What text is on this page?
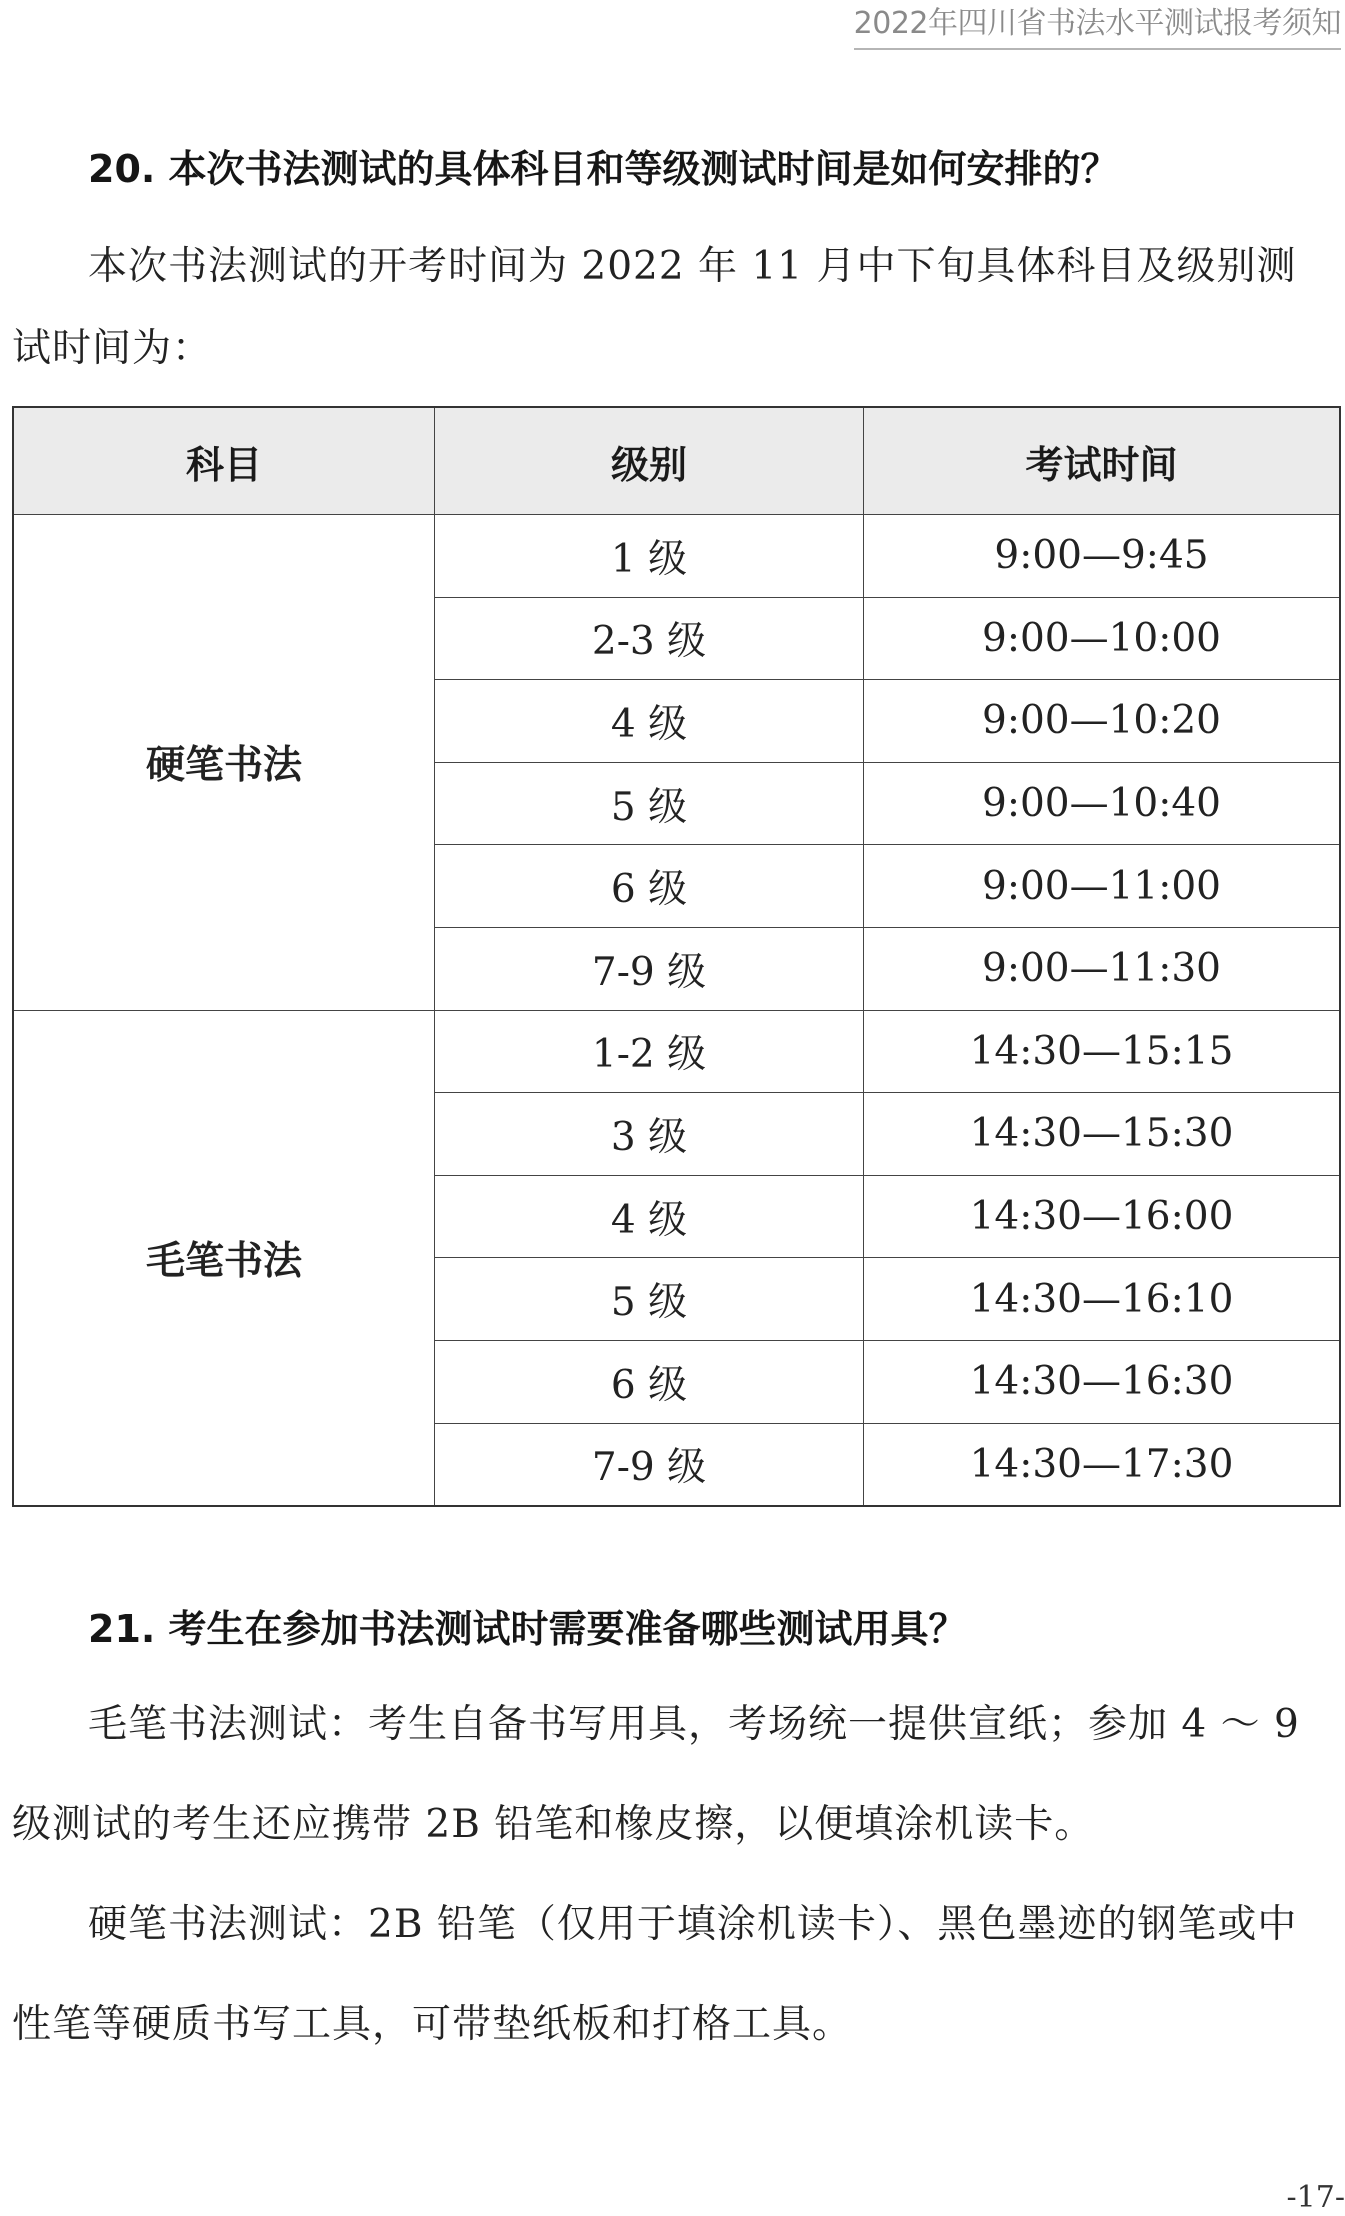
2022年四川省书法水平测试报考须知
20. 本次书法测试的具体科目和等级测试时间是如何安排的？
本次书法测试的开考时间为 2022 年 11 月中下旬具体科目及级别测试时间为：
科目	级别	考试时间
硬笔书法	1 级	9:00—9:45
	2-3 级	9:00—10:00
	4 级	9:00—10:20
	5 级	9:00—10:40
	6 级	9:00—11:00
	7-9 级	9:00—11:30
毛笔书法	1-2 级	14:30—15:15
	3 级	14:30—15:30
	4 级	14:30—16:00
	5 级	14:30—16:10
	6 级	14:30—16:30
	7-9 级	14:30—17:30
21. 考生在参加书法测试时需要准备哪些测试用具？
毛笔书法测试：考生自备书写用具，考场统一提供宣纸；参加 4 ～ 9 级测试的考生还应携带 2B 铅笔和橡皮擦，以便填涂机读卡。
硬笔书法测试：2B 铅笔（仅用于填涂机读卡）、黑色墨迹的钢笔或中性笔等硬质书写工具，可带垫纸板和打格工具。
-17-
